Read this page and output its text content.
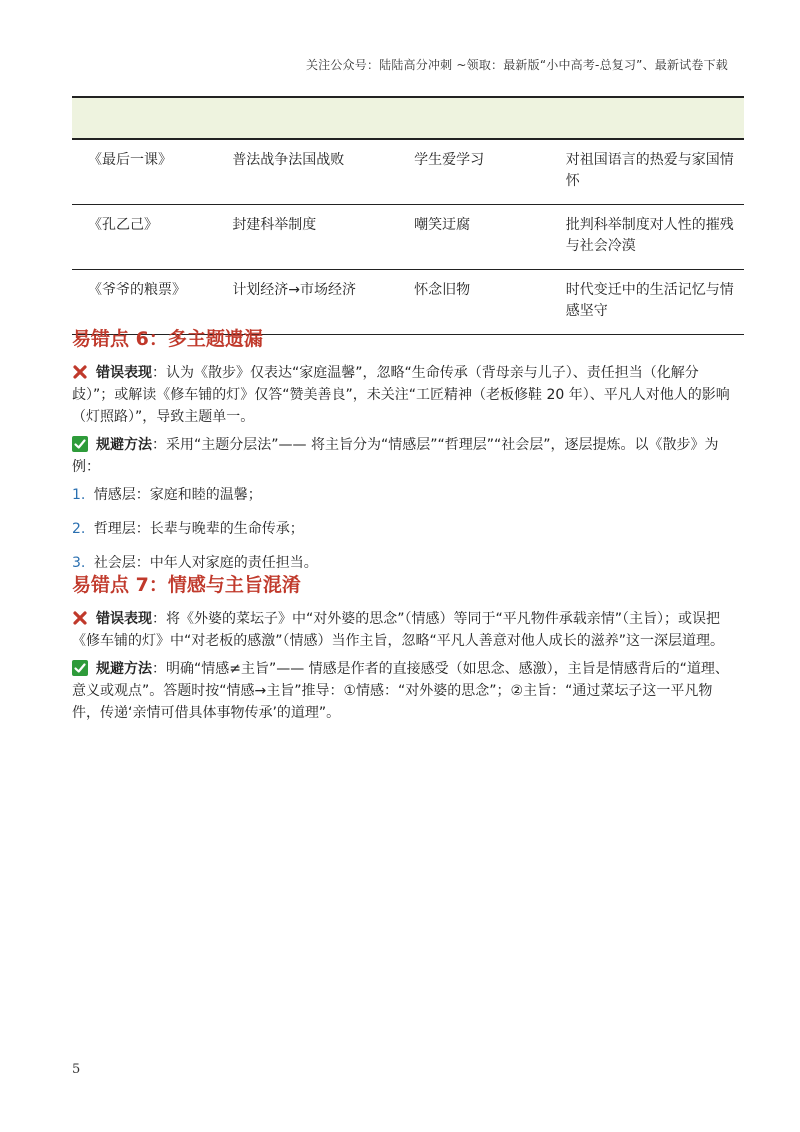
关注公众号：陆陆高分冲刺 ~领取：最新版“小中高考-总复习”、最新试卷下载

《最后一课》	普法战争法国战败	学生爱学习	对祖国语言的热爱与家国情怀
《孔乙己》	封建科举制度	嘲笑迂腐	批判科举制度对人性的摧残与社会冷漠
《爷爷的粮票》	计划经济→市场经济	怀念旧物	时代变迁中的生活记忆与情感坚守
易错点 6：多主题遗漏

错误表现：认为《散步》仅表达“家庭温馨”，忽略“生命传承（背母亲与儿子）、责任担当（化解分歧）”；或解读《修车铺的灯》仅答“赞美善良”，未关注“工匠精神（老板修鞋 20 年）、平凡人对他人的影响（灯照路）”，导致主题单一。

规避方法：采用“主题分层法”—— 将主旨分为“情感层”“哲理层”“社会层”，逐层提炼。以《散步》为例：

1. 情感层：家庭和睦的温馨；
2. 哲理层：长辈与晚辈的生命传承；
3. 社会层：中年人对家庭的责任担当。
易错点 7：情感与主旨混淆

错误表现：将《外婆的菜坛子》中“对外婆的思念”（情感）等同于“平凡物件承载亲情”（主旨）；或误把《修车铺的灯》中“对老板的感激”（情感）当作主旨，忽略“平凡人善意对他人成长的滋养”这一深层道理。

规避方法：明确“情感≠主旨”—— 情感是作者的直接感受（如思念、感激），主旨是情感背后的“道理、意义或观点”。答题时按“情感→主旨”推导：①情感：“对外婆的思念”；②主旨：“通过菜坛子这一平凡物件，传递‘亲情可借具体事物传承’的道理”。

5
